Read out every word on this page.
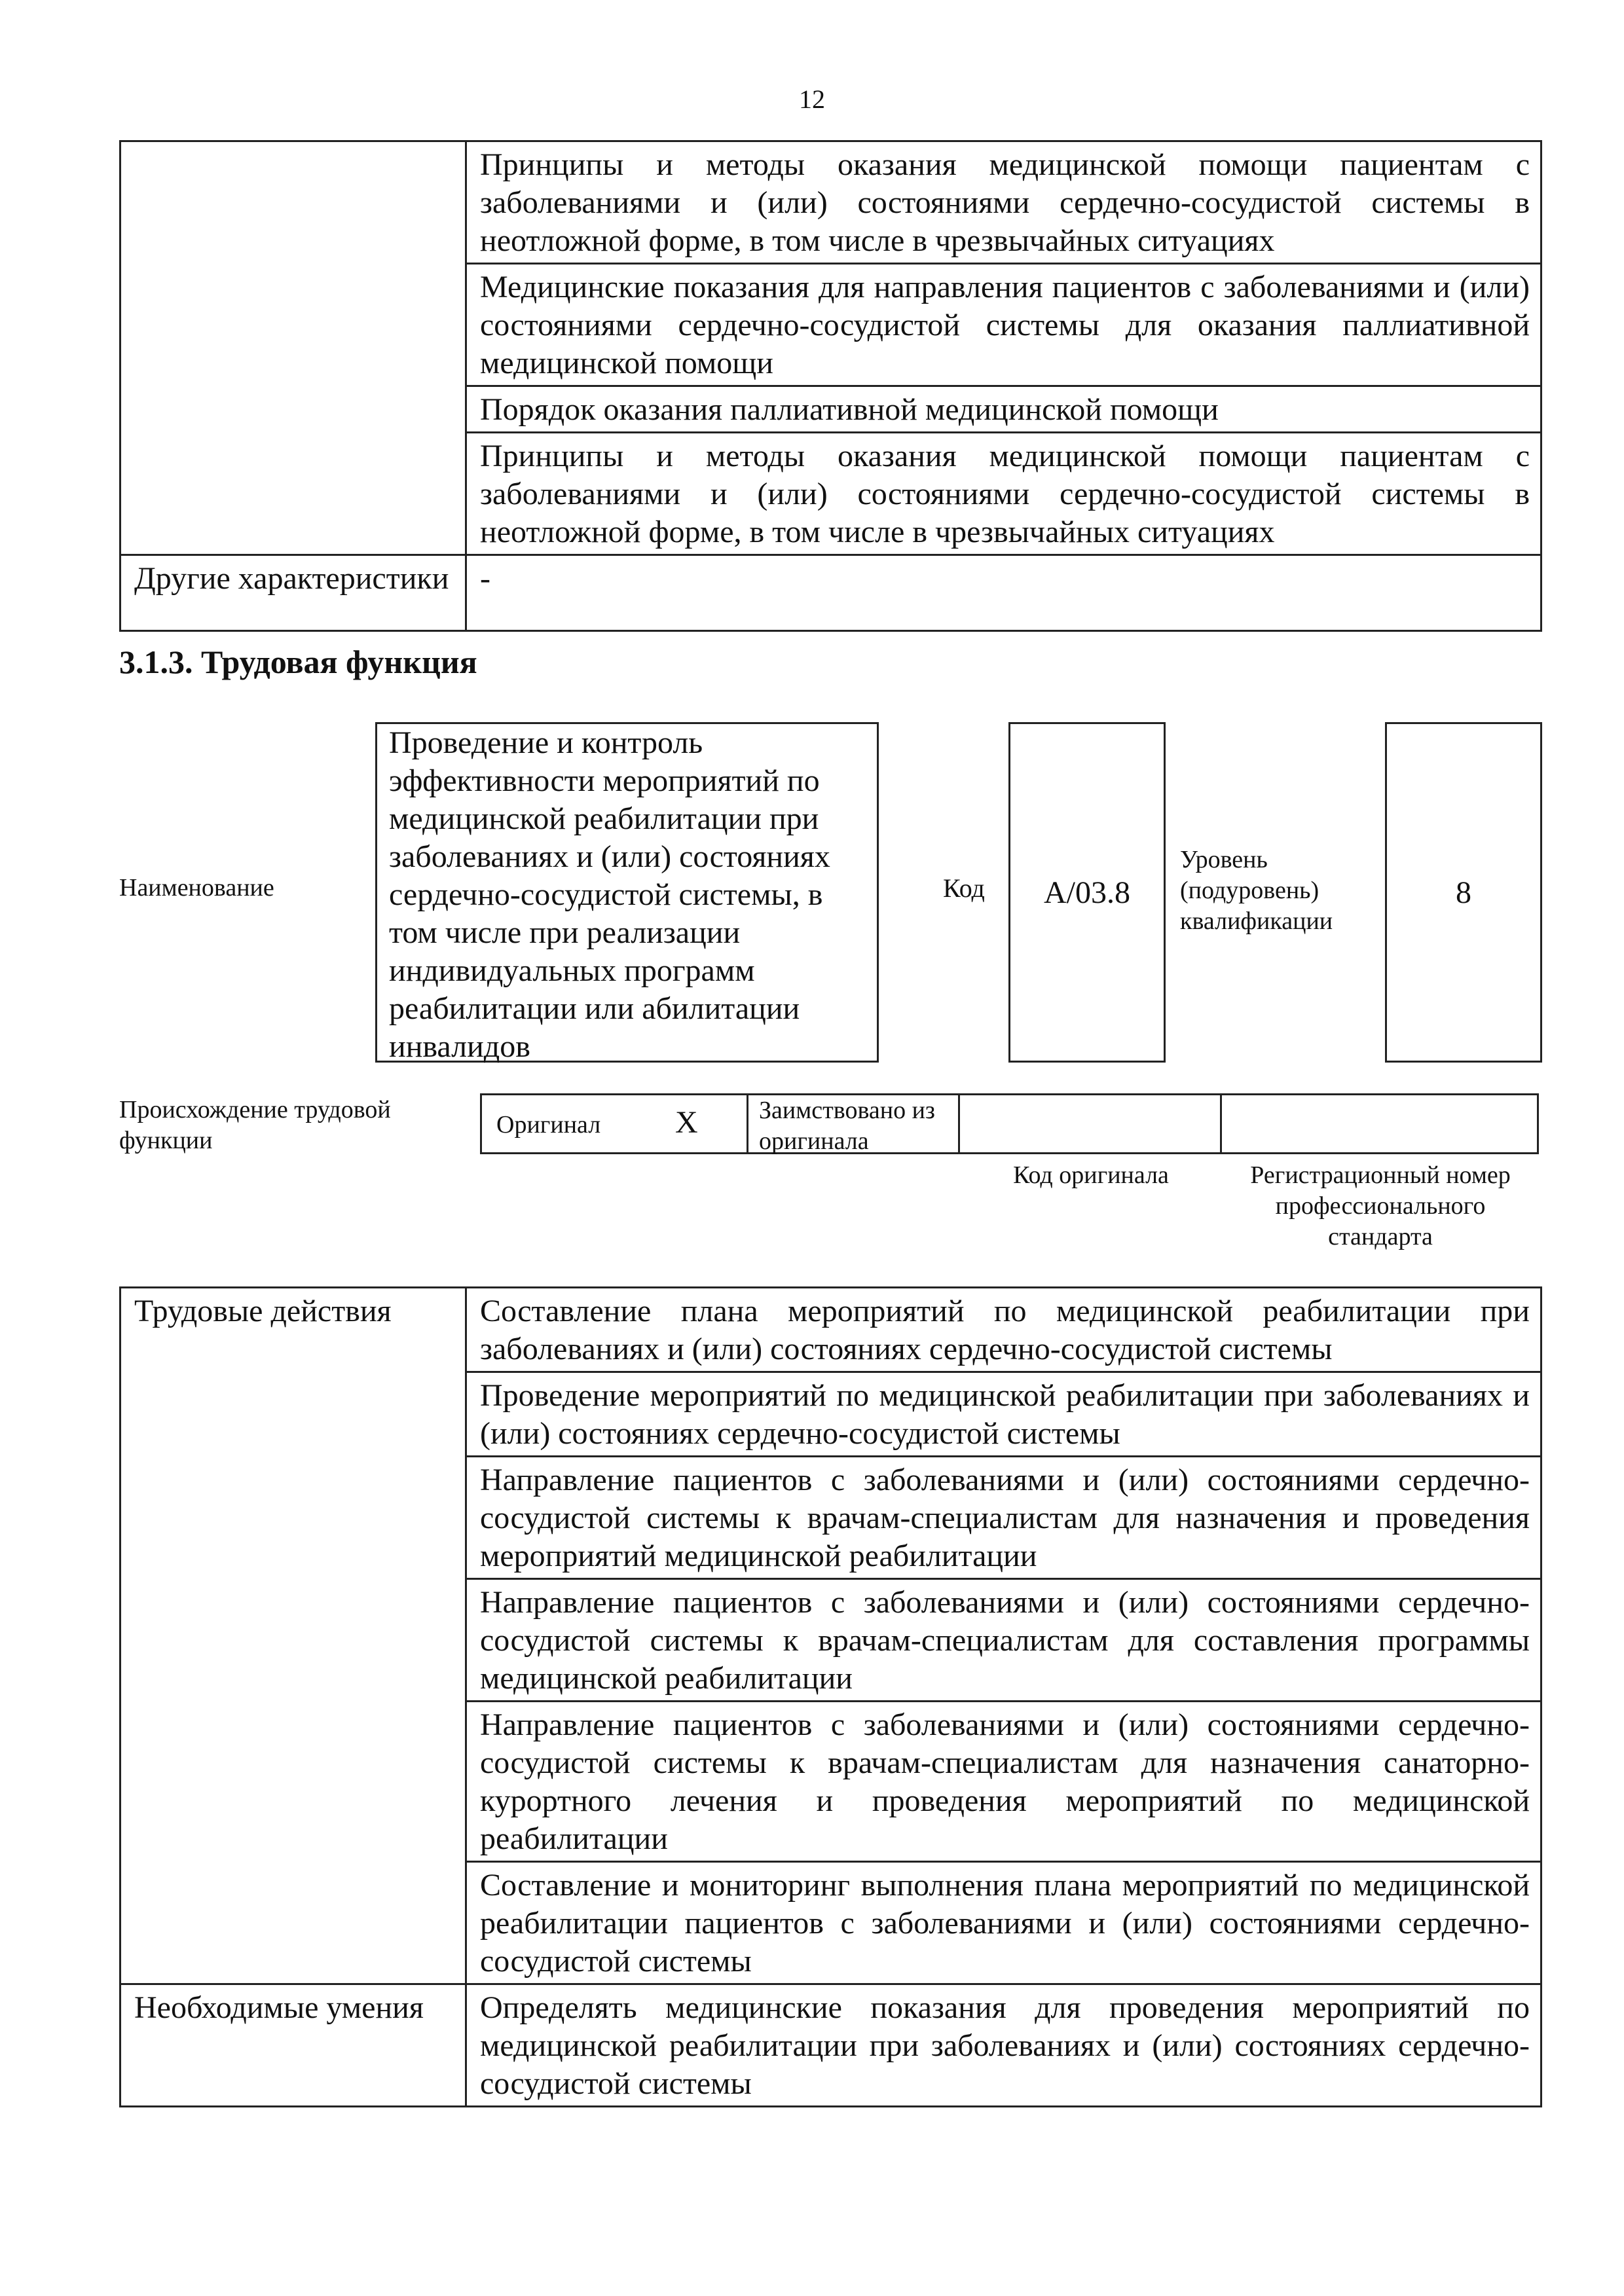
12
	Принципы и методы оказания медицинской помощи пациентам с заболеваниями и (или) состояниями сердечно-сосудистой системы в неотложной форме, в том числе в чрезвычайных ситуациях
	Медицинские показания для направления пациентов с заболеваниями и (или) состояниями сердечно-сосудистой системы для оказания паллиативной медицинской помощи
	Порядок оказания паллиативной медицинской помощи
	Принципы и методы оказания медицинской помощи пациентам с заболеваниями и (или) состояниями сердечно-сосудистой системы в неотложной форме, в том числе в чрезвычайных ситуациях
Другие характеристики	-
3.1.3. Трудовая функция
Наименование
Проведение и контроль эффективности мероприятий по медицинской реабилитации при заболеваниях и (или) состояниях сердечно-сосудистой системы, в том числе при реализации индивидуальных программ реабилитации или абилитации инвалидов
Код А/03.8
Уровень (подуровень) квалификации
8
Происхождение трудовой функции
Оригинал X Заимствовано из оригинала
Код оригинала	Регистрационный номер профессионального стандарта
Трудовые действия	Составление плана мероприятий по медицинской реабилитации при заболеваниях и (или) состояниях сердечно-сосудистой системы
	Проведение мероприятий по медицинской реабилитации при заболеваниях и (или) состояниях сердечно-сосудистой системы
	Направление пациентов с заболеваниями и (или) состояниями сердечно-сосудистой системы к врачам-специалистам для назначения и проведения мероприятий медицинской реабилитации
	Направление пациентов с заболеваниями и (или) состояниями сердечно-сосудистой системы к врачам-специалистам для составления программы медицинской реабилитации
	Направление пациентов с заболеваниями и (или) состояниями сердечно-сосудистой системы к врачам-специалистам для назначения санаторно-курортного лечения и проведения мероприятий по медицинской реабилитации
	Составление и мониторинг выполнения плана мероприятий по медицинской реабилитации пациентов с заболеваниями и (или) состояниями сердечно-сосудистой системы
Необходимые умения	Определять медицинские показания для проведения мероприятий по медицинской реабилитации при заболеваниях и (или) состояниях сердечно-сосудистой системы
